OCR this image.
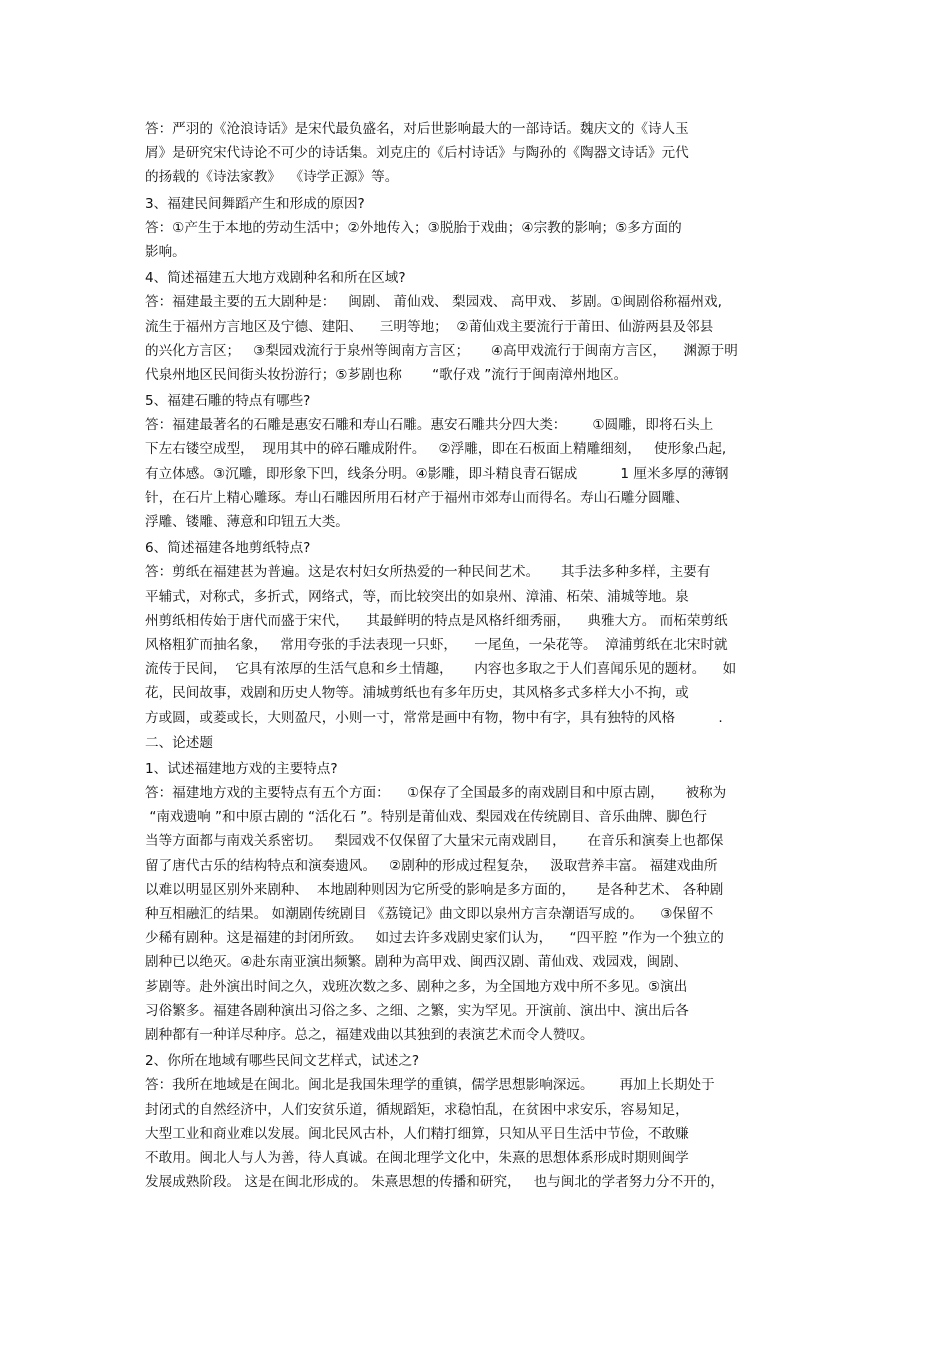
答：严羽的《沧浪诗话》是宋代最负盛名，对后世影响最大的一部诗话。魏庆文的《诗人玉
屑》是研究宋代诗论不可少的诗话集。刘克庄的《后村诗话》与陶孙的《陶器文诗话》元代
的扬载的《诗法家教》  《诗学正源》等。
3、福建民间舞蹈产生和形成的原因?
答：①产生于本地的劳动生活中；②外地传入；③脱胎于戏曲；④宗教的影响；⑤多方面的
影响。
4、简述福建五大地方戏剧种名和所在区域?
答：福建最主要的五大剧种是：   闽剧、 莆仙戏、 梨园戏、 高甲戏、 芗剧。①闽剧俗称福州戏,
流生于福州方言地区及宁德、建阳、    三明等地；  ②莆仙戏主要流行于莆田、仙游两县及邻县
的兴化方言区；   ③梨园戏流行于泉州等闽南方言区；     ④高甲戏流行于闽南方言区，    渊源于明
代泉州地区民间街头妆扮游行；⑤芗剧也称       “歌仔戏 ”流行于闽南漳州地区。
5、福建石雕的特点有哪些?
答：福建最著名的石雕是惠安石雕和寿山石雕。惠安石雕共分四大类：      ①圆雕，即将石头上
下左右镂空成型，  现用其中的碎石雕成附件。   ②浮雕，即在石板面上精雕细刻，   使形象凸起,
有立体感。③沉雕，即形象下凹，线条分明。④影雕，即斗精良青石锯成          1 厘米多厚的薄钢
针，在石片上精心雕琢。寿山石雕因所用石材产于福州市郊寿山而得名。寿山石雕分圆雕、
浮雕、镂雕、薄意和印钮五大类。
6、简述福建各地剪纸特点?
答：剪纸在福建甚为普遍。这是农村妇女所热爱的一种民间艺术。     其手法多种多样，主要有
平辅式，对称式，多折式，网络式，等，而比较突出的如泉州、漳浦、柘荣、浦城等地。泉
州剪纸相传始于唐代而盛于宋代，    其最鲜明的特点是风格纤细秀丽，    典雅大方。 而柘荣剪纸
风格粗犷而抽名象，   常用夸张的手法表现一只虾，    一尾鱼，一朵花等。  漳浦剪纸在北宋时就
流传于民间，  它具有浓厚的生活气息和乡土情趣，     内容也多取之于人们喜闻乐见的题材。    如
花，民间故事，戏剧和历史人物等。浦城剪纸也有多年历史，其风格多式多样大小不拘，或
方或圆，或菱或长，大则盈尺，小则一寸，常常是画中有物，物中有字，具有独特的风格          .
二、论述题
1、试述福建地方戏的主要特点?
答：福建地方戏的主要特点有五个方面：    ①保存了全国最多的南戏剧目和中原古剧，     被称为
“南戏遗响 ”和中原古剧的 “活化石 ”。特别是莆仙戏、梨园戏在传统剧目、音乐曲牌、脚色行
当等方面都与南戏关系密切。   梨园戏不仅保留了大量宋元南戏剧目，     在音乐和演奏上也都保
留了唐代古乐的结构特点和演奏遗风。   ②剧种的形成过程复杂，   汲取营养丰富。 福建戏曲所
以难以明显区别外来剧种、  本地剧种则因为它所受的影响是多方面的，     是各种艺术、 各种剧
种互相融汇的结果。 如潮剧传统剧目 《荔镜记》曲文即以泉州方言杂潮语写成的。    ③保留不
少稀有剧种。这是福建的封闭所致。   如过去许多戏剧史家们认为，    “四平腔 ”作为一个独立的
剧种已以绝灭。④赴东南亚演出频繁。剧种为高甲戏、闽西汉剧、莆仙戏、戏园戏，闽剧、
芗剧等。赴外演出时间之久，戏班次数之多、剧种之多，为全国地方戏中所不多见。⑤演出
习俗繁多。福建各剧种演出习俗之多、之细、之繁，实为罕见。开演前、演出中、演出后各
剧种都有一种详尽种序。总之，福建戏曲以其独到的表演艺术而令人赞叹。
2、你所在地域有哪些民间文艺样式，试述之?
答：我所在地域是在闽北。闽北是我国朱理学的重镇，儒学思想影响深远。      再加上长期处于
封闭式的自然经济中，人们安贫乐道，循规蹈矩，求稳怕乱，在贫困中求安乐，容易知足，
大型工业和商业难以发展。闽北民风古朴，人们精打细算，只知从平日生活中节俭，不敢赚
不敢用。闽北人与人为善，待人真诚。在闽北理学文化中，朱熹的思想体系形成时期则闽学
发展成熟阶段。 这是在闽北形成的。 朱熹思想的传播和研究，   也与闽北的学者努力分不开的，
